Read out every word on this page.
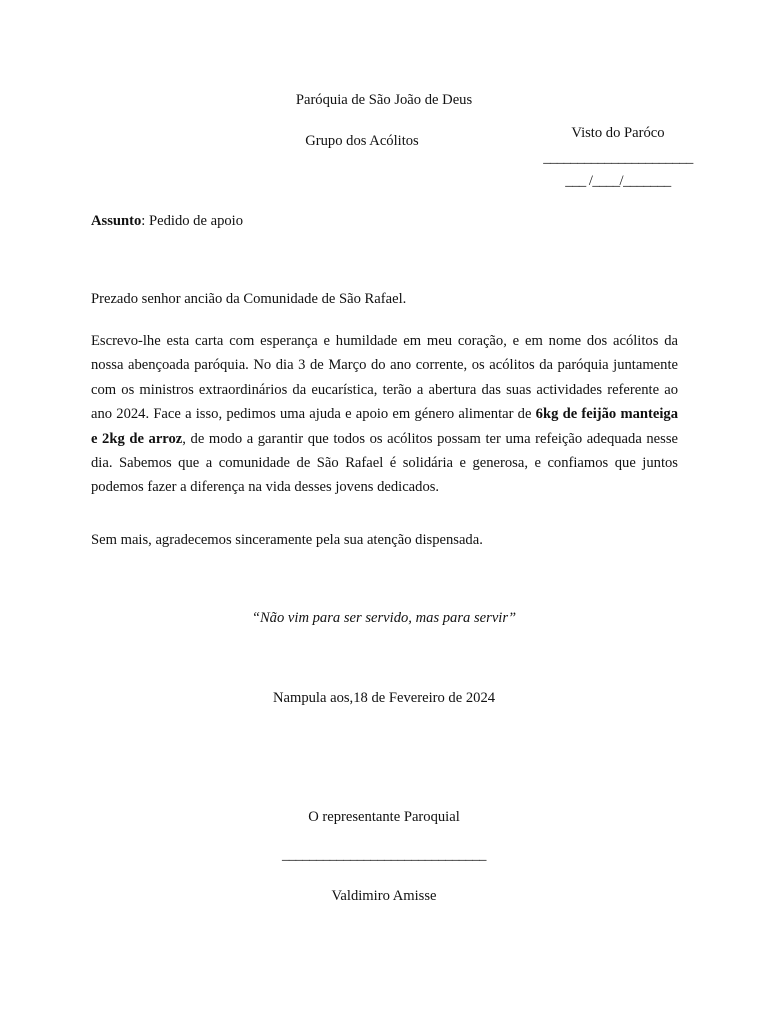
Paróquia de São João de Deus
Grupo dos Acólitos	Visto do Paróco
______________________
___ /____/_______
Assunto: Pedido de apoio
Prezado senhor ancião da Comunidade de São Rafael.
Escrevo-lhe esta carta com esperança e humildade em meu coração, e em nome dos acólitos da nossa abençoada paróquia. No dia 3 de Março do ano corrente, os acólitos da paróquia juntamente com os ministros extraordinários da eucarística, terão a abertura das suas actividades referente ao ano 2024. Face a isso, pedimos uma ajuda e apoio em género alimentar de 6kg de feijão manteiga e 2kg de arroz, de modo a garantir que todos os acólitos possam ter uma refeição adequada nesse dia. Sabemos que a comunidade de São Rafael é solidária e generosa, e confiamos que juntos podemos fazer a diferença na vida desses jovens dedicados.
Sem mais, agradecemos sinceramente pela sua atenção dispensada.
“Não vim para ser servido, mas para servir”
Nampula aos,18 de Fevereiro de 2024
O representante Paroquial
______________________________
Valdimiro Amisse
